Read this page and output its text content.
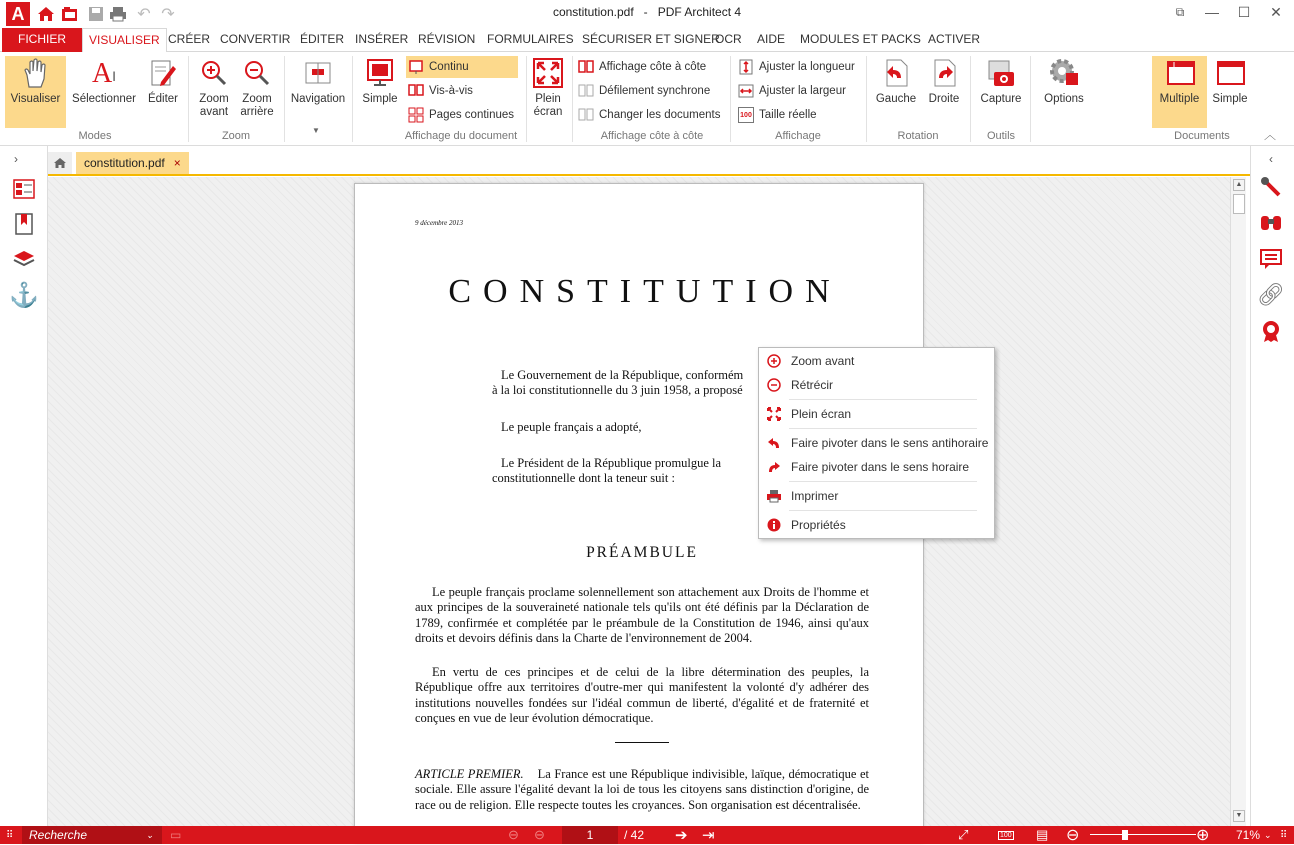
A	↶ ↷	constitution.pdf - PDF Architect 4	⧉	—	☐	✕
FICHIER	VISUALISER CRÉER CONVERTIR ÉDITER INSÉRER RÉVISION FORMULAIRES SÉCURISER ET SIGNER
OCR	AIDE	MODULES ET PACKS ACTIVER
Visualiser
A I
Sélectionner Éditer
Modes
Zoom
avant
Zoom
arrière
Zoom
Navigation
▼
Simple
Continu
Vis-à-vis
Pages continues
Affichage du document
Plein
écran
Affichage côte à côte
Défilement synchrone
Changer les documents
Affichage côte à côte
Ajuster la longueur
Ajuster la largeur
100 Taille réelle
Affichage
Gauche Droite
Rotation
Capture
Outils
Options	Multiple Simple
Documents	︿
›
⚓
‹
🔗︎
constitution.pdf ×
▲
▼
9 décembre 2013
CONSTITUTION
Le Gouvernement de la République, conformém
à la loi constitutionnelle du 3 juin 1958, a proposé
Le peuple français a adopté,
Le Président de la République promulgue la
constitutionnelle dont la teneur suit :
PRÉAMBULE
Le peuple français proclame solennellement son attachement aux Droits de l'homme et aux principes de la souveraineté nationale tels qu'ils ont été définis par la Déclaration de 1789, confirmée et complétée par le préambule de la Constitution de 1946, ainsi qu'aux droits et devoirs définis dans la Charte de l'environnement de 2004.
En vertu de ces principes et de celui de la libre détermination des peuples, la République offre aux territoires d'outre-mer qui manifestent la volonté d'y adhérer des institutions nouvelles fondées sur l'idéal commun de liberté, d'égalité et de fraternité et conçues en vue de leur évolution démocratique.
ARTICLE PREMIER. La France est une République indivisible, laïque, démocratique et sociale. Elle assure l'égalité devant la loi de tous les citoyens sans distinction d'origine, de race ou de religion. Elle respecte toutes les croyances. Son organisation est décentralisée.
Zoom avant
Rétrécir
Plein écran
Faire pivoter dans le sens antihoraire
Faire pivoter dans le sens horaire
Imprimer
Propriétés
⠿ Recherche	⌄ ▭	⊖ ⊖	1	/ 42 ➔ ⇥	⤢	100 ▤ ⊖	⊕ 71% ⌄ ⠿
